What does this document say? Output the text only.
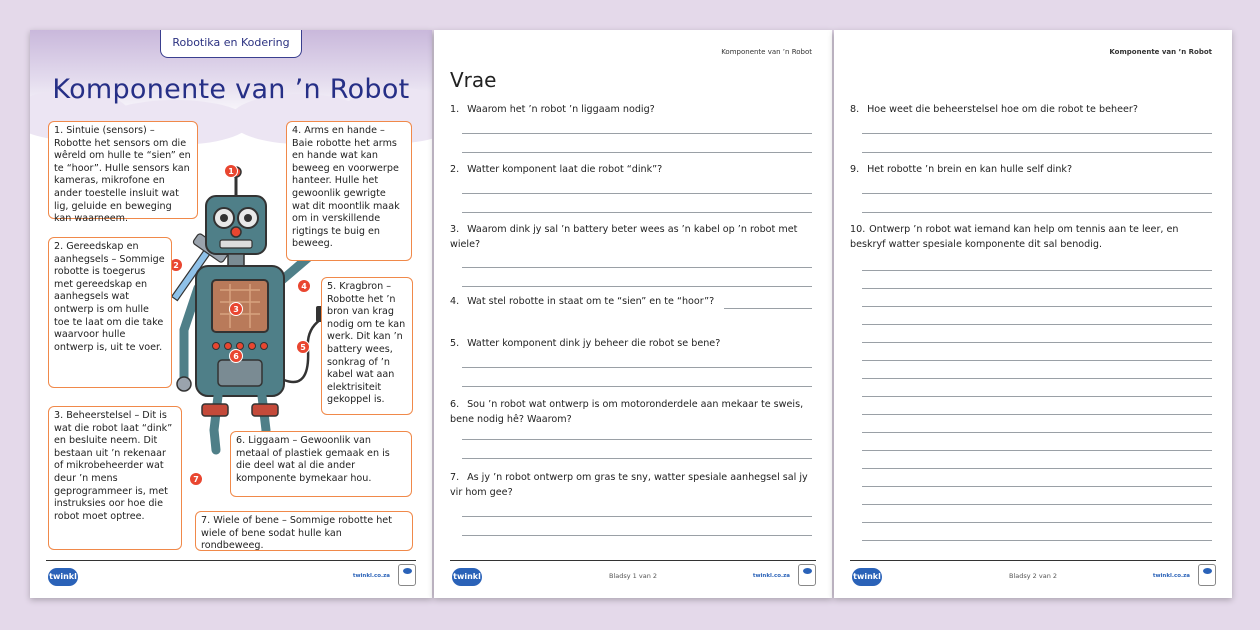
Robotika en Kodering
Komponente van ’n Robot
1
2
3
4
5
6
7
1. Sintuie (sensors) – Robotte het sensors om die wêreld om hulle te “sien” en te “hoor”. Hulle sensors kan kameras, mikrofone en ander toestelle insluit wat lig, geluide en beweging kan waarneem.
2. Gereedskap en aanhegsels – Sommige robotte is toegerus met gereedskap en aanhegsels wat ontwerp is om hulle toe te laat om die take waarvoor hulle ontwerp is, uit te voer.
3. Beheerstelsel – Dit is wat die robot laat “dink” en besluite neem. Dit bestaan uit ’n rekenaar of mikrobeheerder wat deur ’n mens geprogrammeer is, met instruksies oor hoe die robot moet optree.
4. Arms en hande – Baie robotte het arms en hande wat kan beweeg en voorwerpe hanteer. Hulle het gewoonlik gewrigte wat dit moontlik maak om in verskillende rigtings te buig en beweeg.
5. Kragbron – Robotte het ’n bron van krag nodig om te kan werk. Dit kan ’n battery wees, sonkrag of ’n kabel wat aan elektrisiteit gekoppel is.
6. Liggaam – Gewoonlik van metaal of plastiek gemaak en is die deel wat al die ander komponente bymekaar hou.
7. Wiele of bene – Sommige robotte het wiele of bene sodat hulle kan rondbeweeg.
twinkl	twinkl.co.za
Komponente van ’n Robot
Vrae
1. Waarom het ’n robot ’n liggaam nodig?
2. Watter komponent laat die robot “dink”?
3. Waarom dink jy sal ’n battery beter wees as ’n kabel op ’n robot met wiele?
4. Wat stel robotte in staat om te “sien” en te “hoor”?
5. Watter komponent dink jy beheer die robot se bene?
6. Sou ’n robot wat ontwerp is om motoronderdele aan mekaar te sweis, bene nodig hê? Waarom?
7. As jy ’n robot ontwerp om gras te sny, watter spesiale aanhegsel sal jy vir hom gee?
twinkl	Bladsy 1 van 2	twinkl.co.za
Komponente van ’n Robot
8. Hoe weet die beheerstelsel hoe om die robot te beheer?
9. Het robotte ’n brein en kan hulle self dink?
10. Ontwerp ’n robot wat iemand kan help om tennis aan te leer, en beskryf watter spesiale komponente dit sal benodig.
twinkl	Bladsy 2 van 2	twinkl.co.za
